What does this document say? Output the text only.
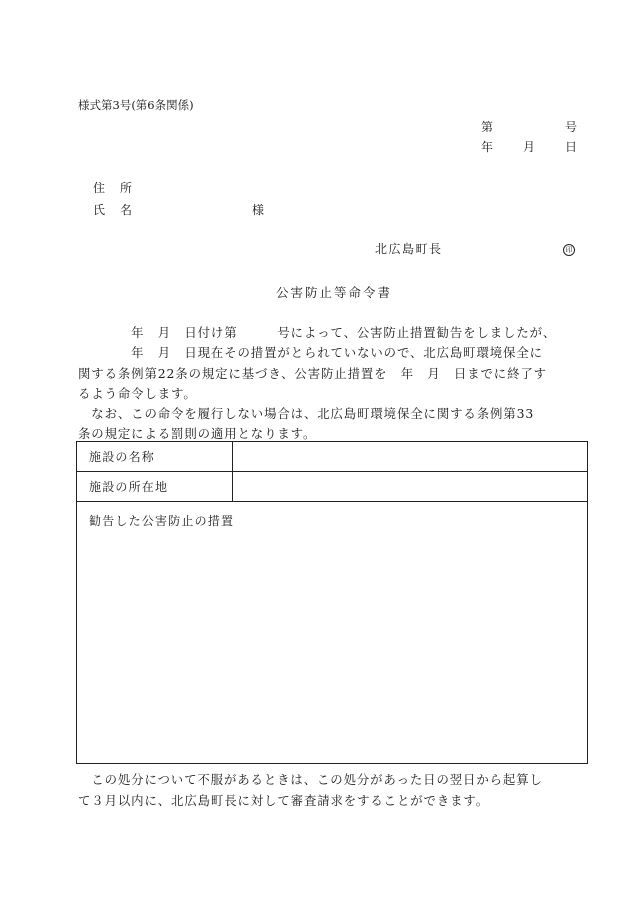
様式第3号(第6条関係)
第	号
年 月 日
住　所
氏　名	様
北広島町長	印
公害防止等命令書
　　　　年　月　日付け第　　　号によって、公害防止措置勧告をしましたが、
　　　　年　月　日現在その措置がとられていないので、北広島町環境保全に
関する条例第22条の規定に基づき、公害防止措置を　年　月　日までに終了す
るよう命令します。
　なお、この命令を履行しない場合は、北広島町環境保全に関する条例第33
条の規定による罰則の適用となります。
施設の名称	
施設の所在地	
勧告した公害防止の措置	
　この処分について不服があるときは、この処分があった日の翌日から起算し
て３月以内に、北広島町長に対して審査請求をすることができます。
